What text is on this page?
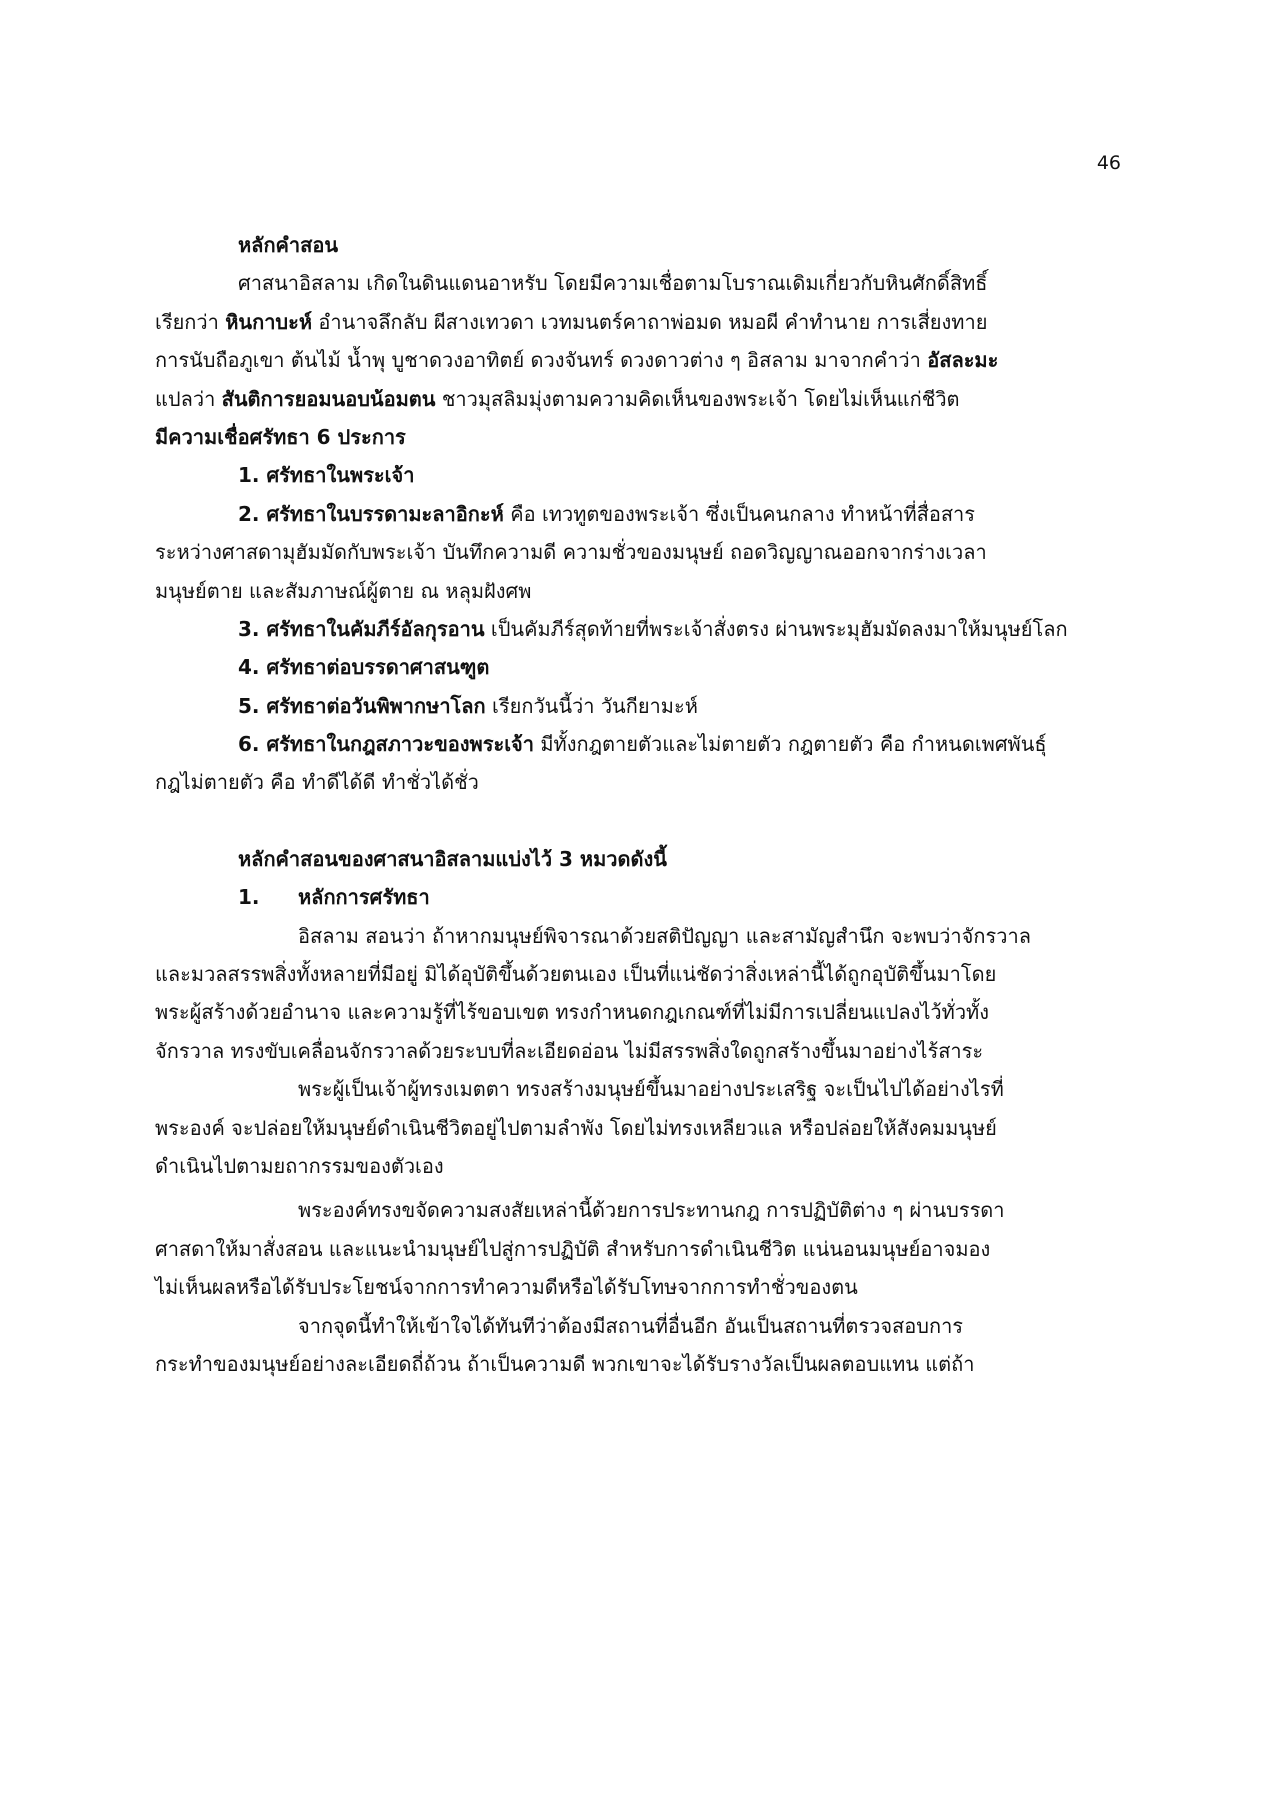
46
หลักคำสอน
ศาสนาอิสลาม เกิดในดินแดนอาหรับ โดยมีความเชื่อตามโบราณเดิมเกี่ยวกับหินศักดิ์สิทธิ์
เรียกว่า หินกาบะห์ อำนาจลึกลับ ผีสางเทวดา เวทมนตร์คาถาพ่อมด หมอผี คำทำนาย การเสี่ยงทาย
การนับถือภูเขา ต้นไม้ น้ำพุ บูชาดวงอาทิตย์ ดวงจันทร์ ดวงดาวต่าง ๆ อิสลาม มาจากคำว่า อัสละมะ
แปลว่า สันติการยอมนอบน้อมตน ชาวมุสลิมมุ่งตามความคิดเห็นของพระเจ้า โดยไม่เห็นแก่ชีวิต
มีความเชื่อศรัทธา 6 ประการ
1. ศรัทธาในพระเจ้า
2. ศรัทธาในบรรดามะลาอิกะห์ คือ เทวทูตของพระเจ้า ซึ่งเป็นคนกลาง ทำหน้าที่สื่อสาร
ระหว่างศาสดามุฮัมมัดกับพระเจ้า บันทึกความดี ความชั่วของมนุษย์ ถอดวิญญาณออกจากร่างเวลา
มนุษย์ตาย และสัมภาษณ์ผู้ตาย ณ หลุมฝังศพ
3. ศรัทธาในคัมภีร์อัลกุรอาน เป็นคัมภีร์สุดท้ายที่พระเจ้าสั่งตรง ผ่านพระมุฮัมมัดลงมาให้มนุษย์โลก
4. ศรัทธาต่อบรรดาศาสนฑูต
5. ศรัทธาต่อวันพิพากษาโลก เรียกวันนี้ว่า วันกียามะห์
6. ศรัทธาในกฎสภาวะของพระเจ้า มีทั้งกฎตายตัวและไม่ตายตัว กฎตายตัว คือ กำหนดเพศพันธุ์
กฎไม่ตายตัว คือ ทำดีได้ดี ทำชั่วได้ชั่ว
หลักคำสอนของศาสนาอิสลามแบ่งไว้ 3 หมวดดังนี้
1. หลักการศรัทธา
อิสลาม สอนว่า ถ้าหากมนุษย์พิจารณาด้วยสติปัญญา และสามัญสำนึก จะพบว่าจักรวาล
และมวลสรรพสิ่งทั้งหลายที่มีอยู่ มิได้อุบัติขึ้นด้วยตนเอง เป็นที่แน่ชัดว่าสิ่งเหล่านี้ได้ถูกอุบัติขึ้นมาโดย
พระผู้สร้างด้วยอำนาจ และความรู้ที่ไร้ขอบเขต ทรงกำหนดกฎเกณฑ์ที่ไม่มีการเปลี่ยนแปลงไว้ทั่วทั้ง
จักรวาล ทรงขับเคลื่อนจักรวาลด้วยระบบที่ละเอียดอ่อน ไม่มีสรรพสิ่งใดถูกสร้างขึ้นมาอย่างไร้สาระ
พระผู้เป็นเจ้าผู้ทรงเมตตา ทรงสร้างมนุษย์ขึ้นมาอย่างประเสริฐ จะเป็นไปได้อย่างไรที่
พระองค์ จะปล่อยให้มนุษย์ดำเนินชีวิตอยู่ไปตามลำพัง โดยไม่ทรงเหลียวแล หรือปล่อยให้สังคมมนุษย์
ดำเนินไปตามยถากรรมของตัวเอง
พระองค์ทรงขจัดความสงสัยเหล่านี้ด้วยการประทานกฎ การปฏิบัติต่าง ๆ ผ่านบรรดา
ศาสดาให้มาสั่งสอน และแนะนำมนุษย์ไปสู่การปฏิบัติ สำหรับการดำเนินชีวิต แน่นอนมนุษย์อาจมอง
ไม่เห็นผลหรือได้รับประโยชน์จากการทำความดีหรือได้รับโทษจากการทำชั่วของตน
จากจุดนี้ทำให้เข้าใจได้ทันทีว่าต้องมีสถานที่อื่นอีก อันเป็นสถานที่ตรวจสอบการ
กระทำของมนุษย์อย่างละเอียดถี่ถ้วน ถ้าเป็นความดี พวกเขาจะได้รับรางวัลเป็นผลตอบแทน แต่ถ้า
